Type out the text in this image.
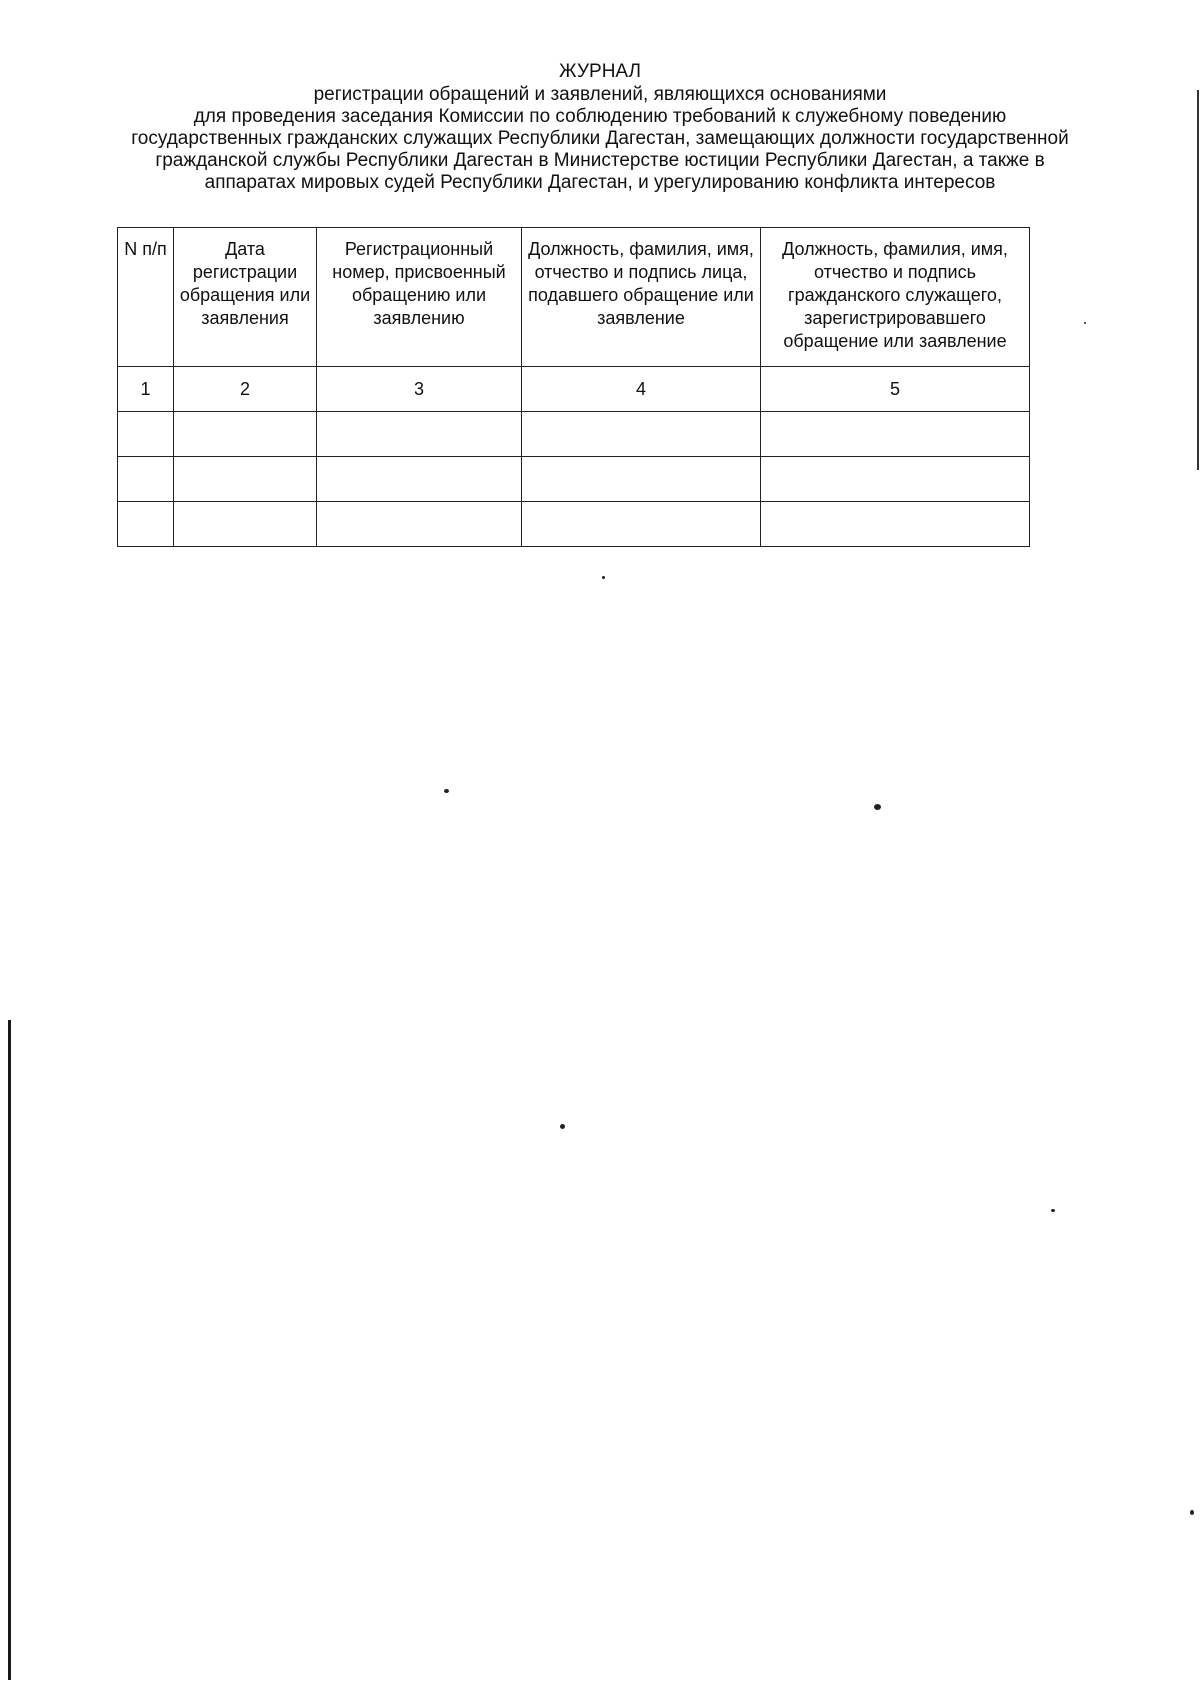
ЖУРНАЛ

регистрации обращений и заявлений, являющихся основаниями

для проведения заседания Комиссии по соблюдению требований к служебному поведению

государственных гражданских служащих Республики Дагестан, замещающих должности государственной

гражданской службы Республики Дагестан в Министерстве юстиции Республики Дагестан, а также в

аппаратах мировых судей Республики Дагестан, и урегулированию конфликта интересов

N п/п	Дата регистрации обращения или заявления	Регистрационный номер, присвоенный обращению или заявлению	Должность, фамилия, имя, отчество и подпись лица, подавшего обращение или заявление	Должность, фамилия, имя, отчество и подпись гражданского служащего, зарегистрировавшего обращение или заявление
1	2	3	4	5
